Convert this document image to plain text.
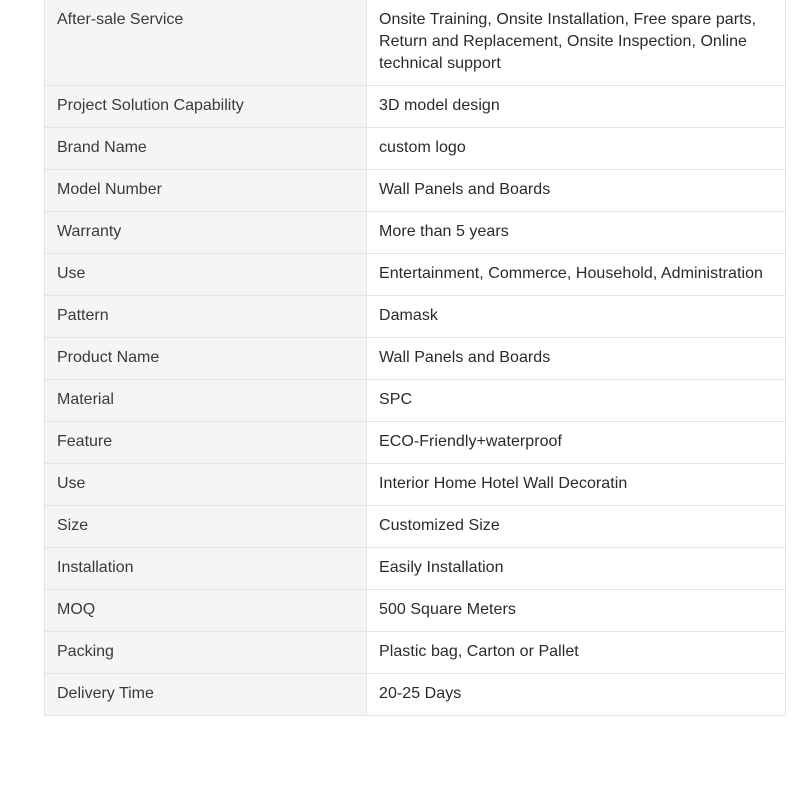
After-sale Service	Onsite Training, Onsite Installation, Free spare parts, Return and Replacement, Onsite Inspection, Online technical support
Project Solution Capability	3D model design
Brand Name	custom logo
Model Number	Wall Panels and Boards
Warranty	More than 5 years
Use	Entertainment, Commerce, Household, Administration
Pattern	Damask
Product Name	Wall Panels and Boards
Material	SPC
Feature	ECO-Friendly+waterproof
Use	Interior Home Hotel Wall Decoratin
Size	Customized Size
Installation	Easily Installation
MOQ	500 Square Meters
Packing	Plastic bag, Carton or Pallet
Delivery Time	20-25 Days
